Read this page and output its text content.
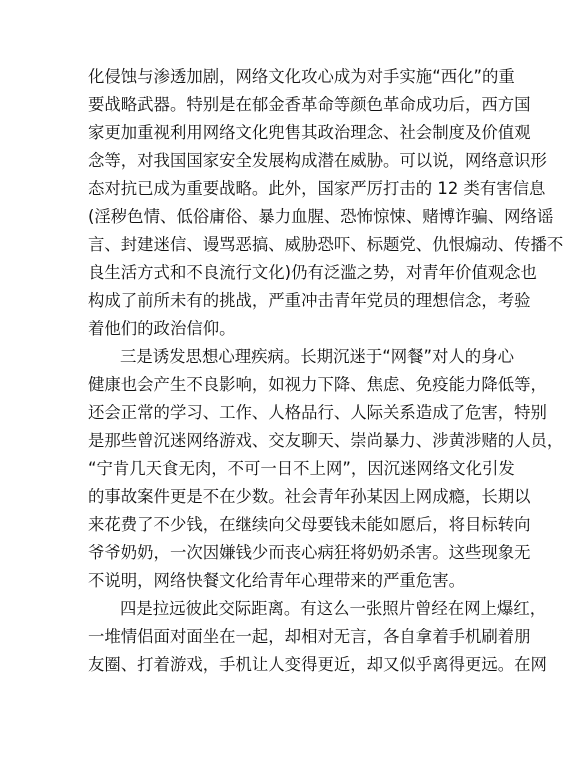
化侵蚀与渗透加剧，网络文化攻心成为对手实施“西化”的重
要战略武器。特别是在郁金香革命等颜色革命成功后，西方国
家更加重视利用网络文化兜售其政治理念、社会制度及价值观
念等，对我国国家安全发展构成潜在威胁。可以说，网络意识形
态对抗已成为重要战略。此外，国家严厉打击的 12 类有害信息
(淫秽色情、低俗庸俗、暴力血腥、恐怖惊悚、赌博诈骗、网络谣
言、封建迷信、谩骂恶搞、威胁恐吓、标题党、仇恨煽动、传播不
良生活方式和不良流行文化)仍有泛滥之势，对青年价值观念也
构成了前所未有的挑战，严重冲击青年党员的理想信念，考验
着他们的政治信仰。
三是诱发思想心理疾病。长期沉迷于“网餐”对人的身心
健康也会产生不良影响，如视力下降、焦虑、免疫能力降低等，
还会正常的学习、工作、人格品行、人际关系造成了危害，特别
是那些曾沉迷网络游戏、交友聊天、崇尚暴力、涉黄涉赌的人员，
“宁肯几天食无肉，不可一日不上网”，因沉迷网络文化引发
的事故案件更是不在少数。社会青年孙某因上网成瘾，长期以
来花费了不少钱，在继续向父母要钱未能如愿后，将目标转向
爷爷奶奶，一次因嫌钱少而丧心病狂将奶奶杀害。这些现象无
不说明，网络快餐文化给青年心理带来的严重危害。
四是拉远彼此交际距离。有这么一张照片曾经在网上爆红，
一堆情侣面对面坐在一起，却相对无言，各自拿着手机刷着朋
友圈、打着游戏，手机让人变得更近，却又似乎离得更远。在网
